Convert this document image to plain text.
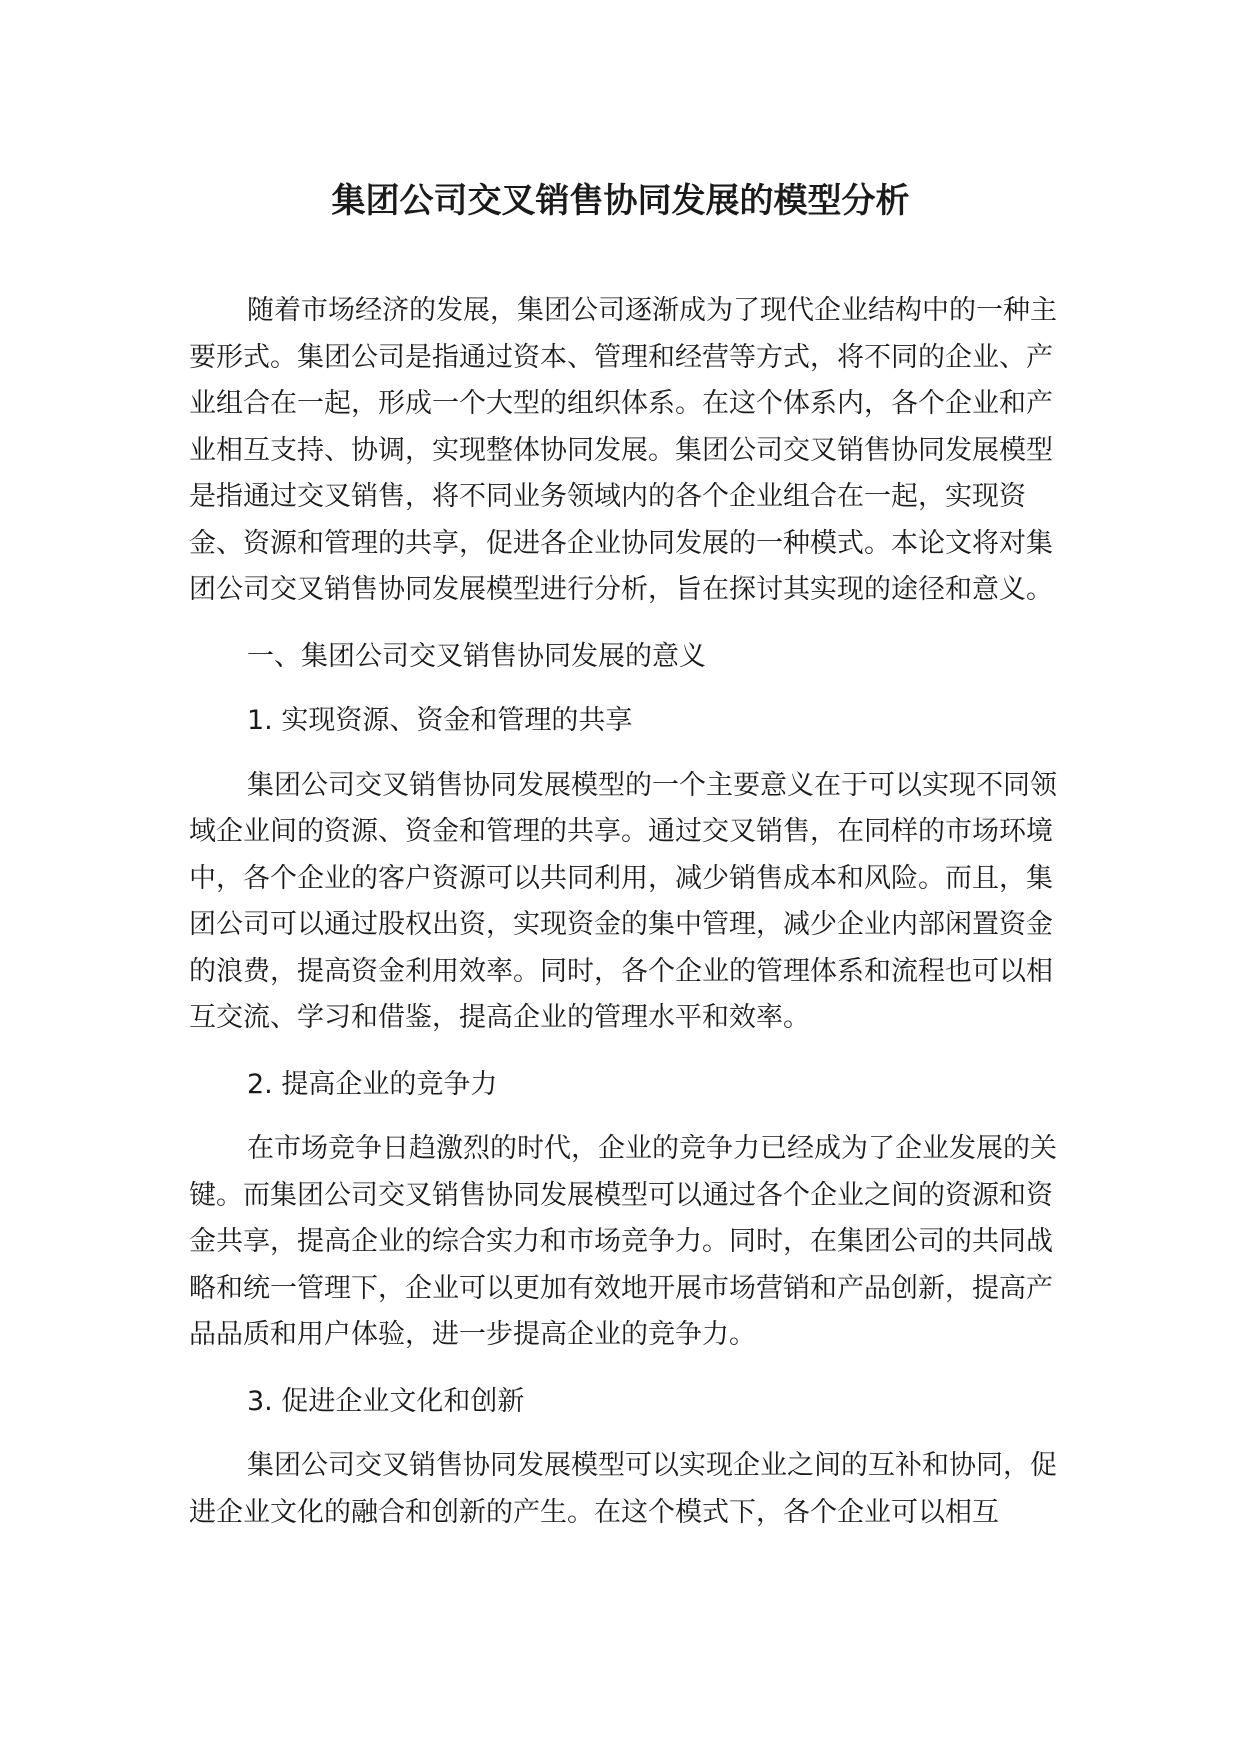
集团公司交叉销售协同发展的模型分析

随着市场经济的发展，集团公司逐渐成为了现代企业结构中的一种主要形式。集团公司是指通过资本、管理和经营等方式，将不同的企业、产业组合在一起，形成一个大型的组织体系。在这个体系内，各个企业和产业相互支持、协调，实现整体协同发展。集团公司交叉销售协同发展模型是指通过交叉销售，将不同业务领域内的各个企业组合在一起，实现资金、资源和管理的共享，促进各企业协同发展的一种模式。本论文将对集团公司交叉销售协同发展模型进行分析，旨在探讨其实现的途径和意义。

一、集团公司交叉销售协同发展的意义

1. 实现资源、资金和管理的共享

集团公司交叉销售协同发展模型的一个主要意义在于可以实现不同领域企业间的资源、资金和管理的共享。通过交叉销售，在同样的市场环境中，各个企业的客户资源可以共同利用，减少销售成本和风险。而且，集团公司可以通过股权出资，实现资金的集中管理，减少企业内部闲置资金的浪费，提高资金利用效率。同时，各个企业的管理体系和流程也可以相互交流、学习和借鉴，提高企业的管理水平和效率。

2. 提高企业的竞争力

在市场竞争日趋激烈的时代，企业的竞争力已经成为了企业发展的关键。而集团公司交叉销售协同发展模型可以通过各个企业之间的资源和资金共享，提高企业的综合实力和市场竞争力。同时，在集团公司的共同战略和统一管理下，企业可以更加有效地开展市场营销和产品创新，提高产品品质和用户体验，进一步提高企业的竞争力。

3. 促进企业文化和创新

集团公司交叉销售协同发展模型可以实现企业之间的互补和协同，促进企业文化的融合和创新的产生。在这个模式下，各个企业可以相互
